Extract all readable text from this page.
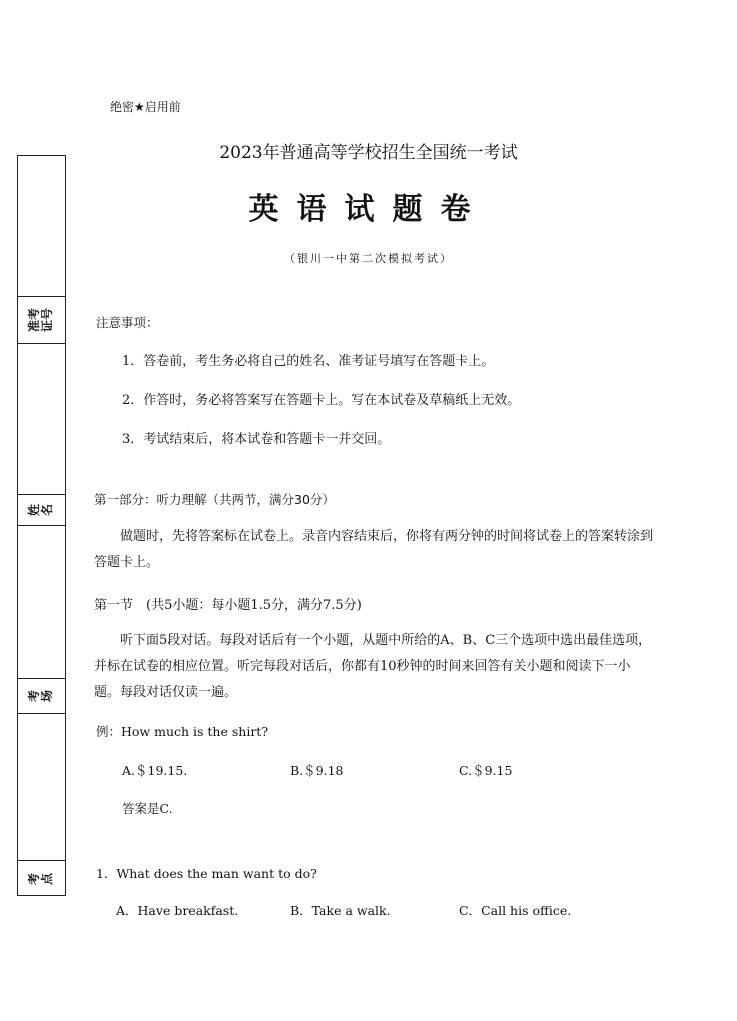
准考
证号
姓
名
考
场
考
点
绝密★启用前
2023年普通高等学校招生全国统一考试
英语试题卷
（银川一中第二次模拟考试）
注意事项：
1．答卷前，考生务必将自己的姓名、准考证号填写在答题卡上。
2．作答时，务必将答案写在答题卡上。写在本试卷及草稿纸上无效。
3．考试结束后，将本试卷和答题卡一并交回。
第一部分：听力理解（共两节，满分30分）
做题时，先将答案标在试卷上。录音内容结束后，你将有两分钟的时间将试卷上的答案转涂到答题卡上。
第一节　(共5小题：每小题1.5分，满分7.5分)
听下面5段对话。每段对话后有一个小题，从题中所给的A、B、C三个选项中选出最佳选项，并标在试卷的相应位置。听完每段对话后，你都有10秒钟的时间来回答有关小题和阅读下一小题。每段对话仅读一遍。
例：How much is the shirt?
A.＄19.15.	B.＄9.18	C.＄9.15
答案是C.
1．What does the man want to do?
A．Have breakfast.	B．Take a walk.	C．Call his office.
